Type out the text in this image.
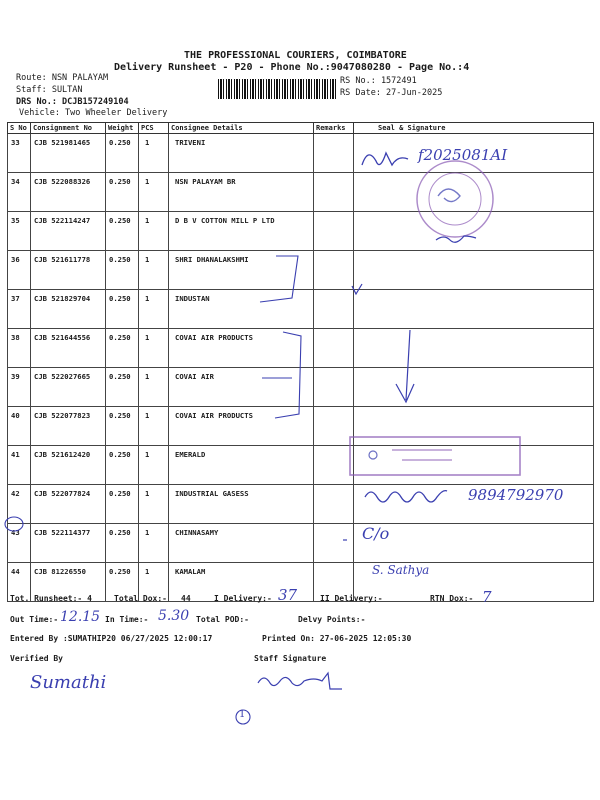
THE PROFESSIONAL COURIERS, COIMBATORE
Delivery Runsheet - P20 - Phone No.:9047080280 - Page No.:4
Route: NSN PALAYAM
Staff: SULTAN
DRS No.: DCJB157249104
Vehicle: Two Wheeler Delivery
RS No.: 1572491
RS Date: 27-Jun-2025
S No	Consignment No	Weight	PCS	Consignee Details	Remarks	Seal & Signature
33	CJB 521981465	0.250	1	TRIVENI		
34	CJB 522088326	0.250	1	NSN PALAYAM BR		
35	CJB 522114247	0.250	1	D B V COTTON MILL P LTD		
36	CJB 521611778	0.250	1	SHRI DHANALAKSHMI		
37	CJB 521829704	0.250	1	INDUSTAN		
38	CJB 521644556	0.250	1	COVAI AIR PRODUCTS		
39	CJB 522027665	0.250	1	COVAI AIR		
40	CJB 522077823	0.250	1	COVAI AIR PRODUCTS		
41	CJB 521612420	0.250	1	EMERALD		
42	CJB 522077824	0.250	1	INDUSTRIAL GASESS		
43	CJB 522114377	0.250	1	CHINNASAMY		
44	CJB 81226550	0.250	1	KAMALAM		
f2025081AI
9894792970
C/o
S. Sathya
Tot. Runsheet:- 4	Total Dox:- 44	I Delivery:- 37	II Delivery:-	RTN Dox:- 7
Out Time:- 12.15 In Time:- 5.30 Total POD:-	Delvy Points:-
Entered By :SUMATHIP20 06/27/2025 12:00:17	Printed On: 27-06-2025 12:05:30
Verified By	Staff Signature
Sumathi
1
